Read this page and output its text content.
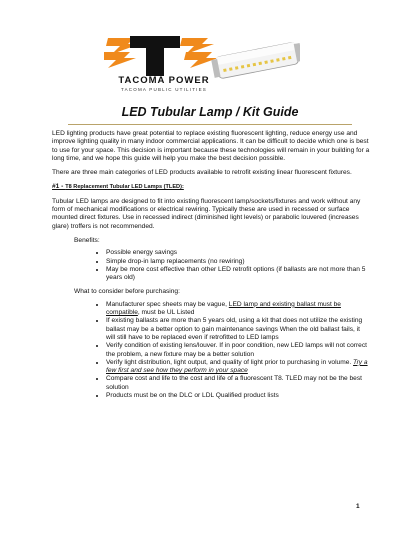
TACOMA POWER
TACOMA PUBLIC UTILITIES
LED Tubular Lamp / Kit Guide

LED lighting products have great potential to replace existing fluorescent lighting, reduce energy use and improve lighting quality in many indoor commercial applications. It can be difficult to decide which one is best to use for your space. This decision is important because these technologies will remain in your building for a long time, and we hope this guide will help you make the best decision possible.

There are three main categories of LED products available to retrofit existing linear fluorescent fixtures.

#1 - T8 Replacement Tubular LED Lamps (TLED):

Tubular LED lamps are designed to fit into existing fluorescent lamp/sockets/fixtures and work without any form of mechanical modifications or electrical rewiring. Typically these are used in recessed or surface mounted direct fixtures. Use in recessed indirect (diminished light levels) or parabolic louvered (increases glare) troffers is not recommended.

Benefits:
• Possible energy savings
• Simple drop-in lamp replacements (no rewiring)
• May be more cost effective than other LED retrofit options (if ballasts are not more than 5 years old)
What to consider before purchasing:
• Manufacturer spec sheets may be vague, LED lamp and existing ballast must be compatible, must be UL Listed
• If existing ballasts are more than 5 years old, using a kit that does not utilize the existing ballast may be a better option to gain maintenance savings When the old ballast fails, it will still have to be replaced even if retrofitted to LED lamps
• Verify condition of existing lens/louver. If in poor condition, new LED lamps will not correct the problem, a new fixture may be a better solution
• Verify light distribution, light output, and quality of light prior to purchasing in volume. Try a few first and see how they perform in your space
• Compare cost and life to the cost and life of a fluorescent T8. TLED may not be the best solution
• Products must be on the DLC or LDL Qualified product lists
1
